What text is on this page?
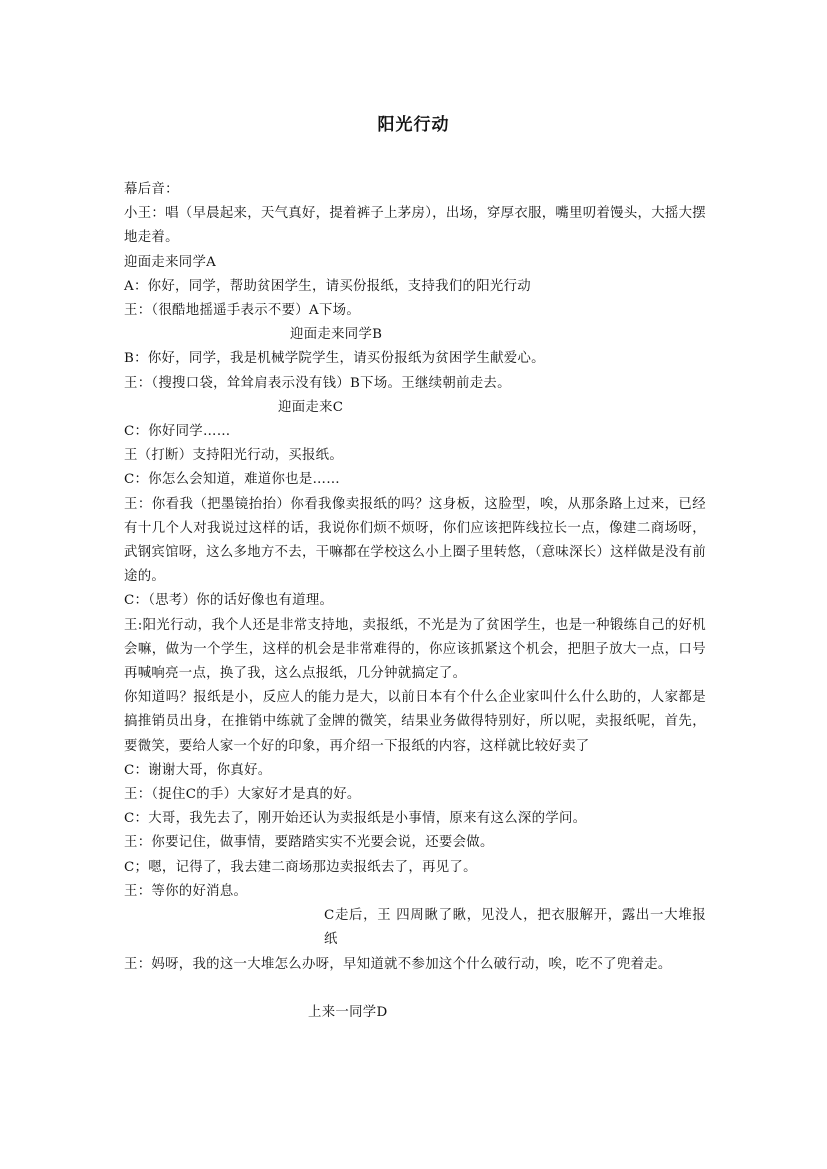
阳光行动

幕后音：

小王：唱（早晨起来，天气真好，提着裤子上茅房），出场，穿厚衣服，嘴里叨着馒头，大摇大摆地走着。

迎面走来同学A

A：你好，同学，帮助贫困学生，请买份报纸，支持我们的阳光行动

王：（很酷地摇遥手表示不要）A下场。

迎面走来同学B

B：你好，同学，我是机械学院学生，请买份报纸为贫困学生献爱心。

王：（搜搜口袋，耸耸肩表示没有钱）B下场。王继续朝前走去。

迎面走来C

C：你好同学……

王（打断）支持阳光行动，买报纸。

C：你怎么会知道，难道你也是……

王：你看我（把墨镜抬抬）你看我像卖报纸的吗？这身板，这脸型，唉，从那条路上过来，已经有十几个人对我说过这样的话，我说你们烦不烦呀，你们应该把阵线拉长一点，像建二商场呀，武钢宾馆呀，这么多地方不去，干嘛都在学校这么小上圈子里转悠，（意味深长）这样做是没有前途的。

C：（思考）你的话好像也有道理。

王:阳光行动，我个人还是非常支持地，卖报纸，不光是为了贫困学生，也是一种锻练自己的好机会嘛，做为一个学生，这样的机会是非常难得的，你应该抓紧这个机会，把胆子放大一点，口号再喊响亮一点，换了我，这么点报纸，几分钟就搞定了。

你知道吗？报纸是小，反应人的能力是大，以前日本有个什么企业家叫什么什么助的，人家都是搞推销员出身，在推销中练就了金牌的微笑，结果业务做得特别好，所以呢，卖报纸呢，首先，要微笑，要给人家一个好的印象，再介绍一下报纸的内容，这样就比较好卖了

C：谢谢大哥，你真好。

王：（捉住C的手）大家好才是真的好。

C：大哥，我先去了，刚开始还认为卖报纸是小事情，原来有这么深的学问。

王：你要记住，做事情，要踏踏实实不光要会说，还要会做。

C；嗯，记得了，我去建二商场那边卖报纸去了，再见了。

王：等你的好消息。

C走后，王 四周瞅了瞅，见没人，把衣服解开，露出一大堆报纸

王：妈呀，我的这一大堆怎么办呀，早知道就不参加这个什么破行动，唉，吃不了兜着走。

上来一同学D
